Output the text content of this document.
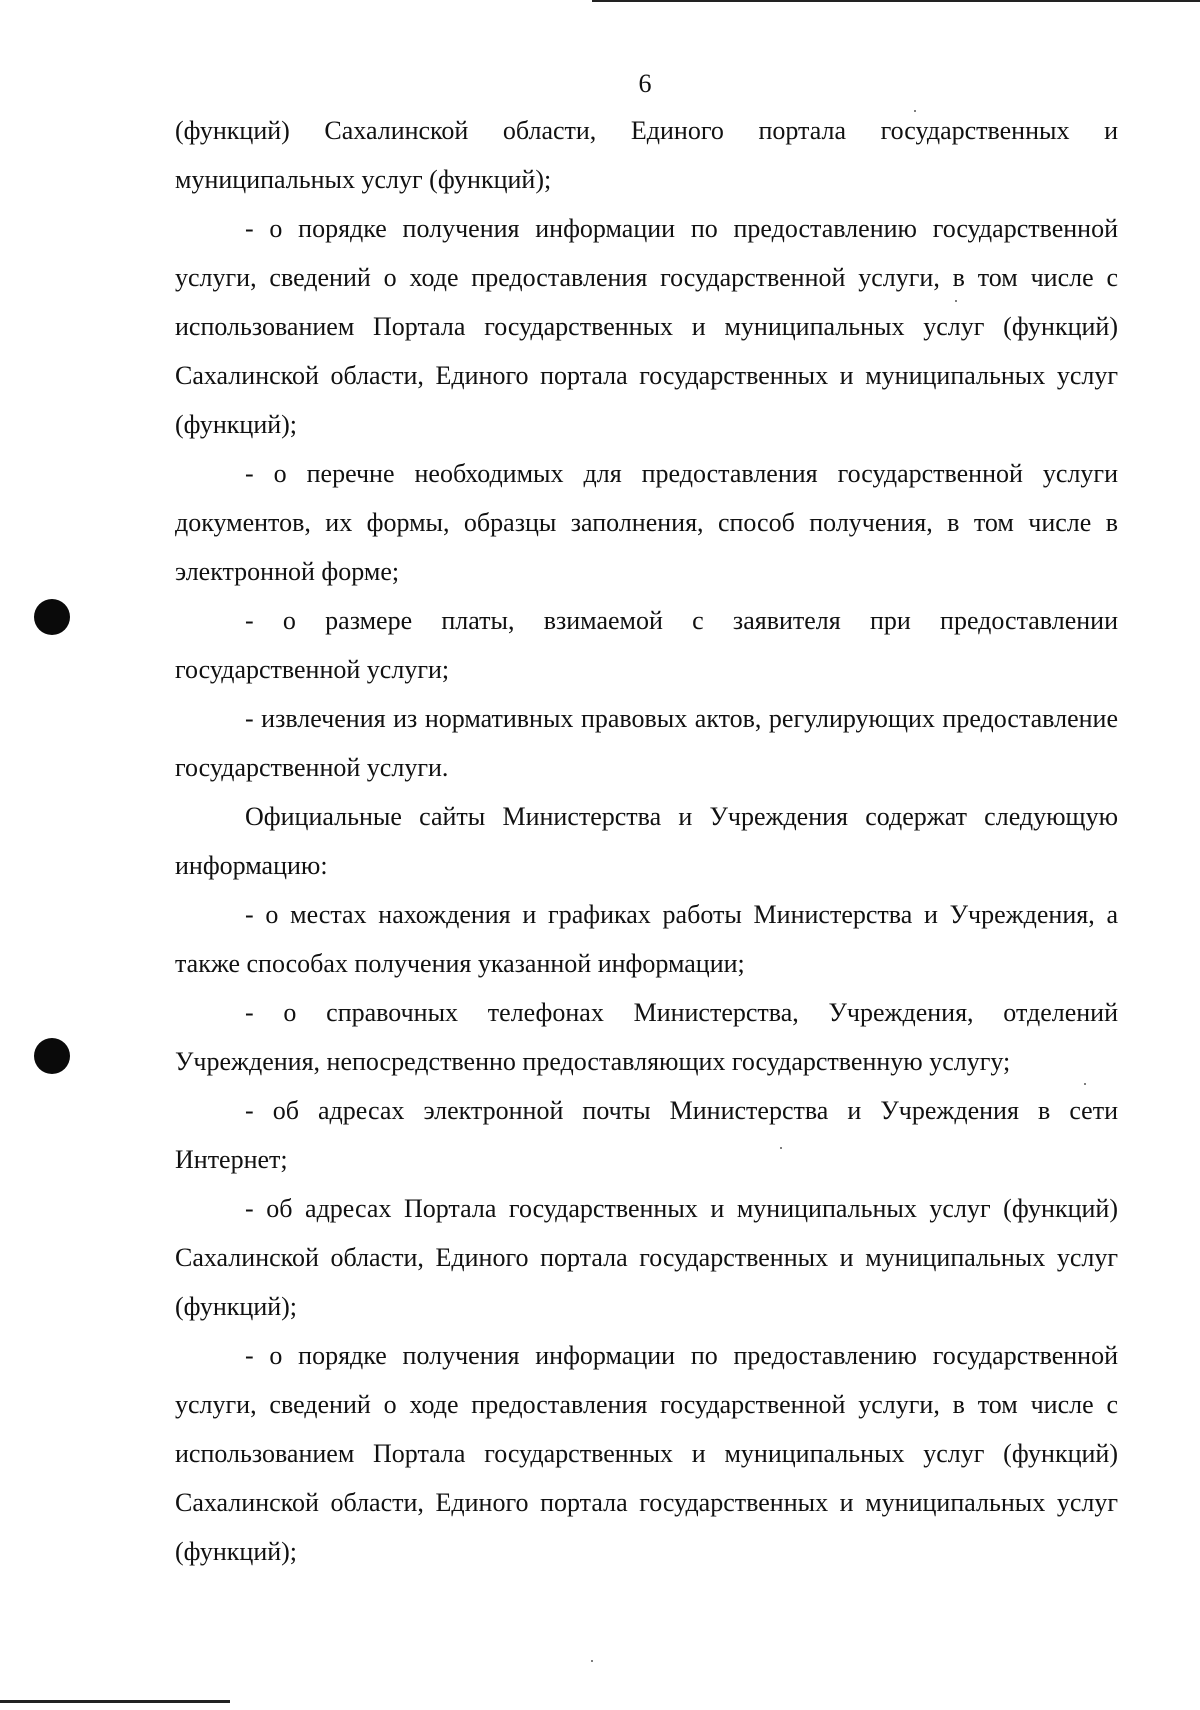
6

(функций) Сахалинской области, Единого портала государственных и муниципальных услуг (функций);

- о порядке получения информации по предоставлению государственной услуги, сведений о ходе предоставления государственной услуги, в том числе с использованием Портала государственных и муниципальных услуг (функций) Сахалинской области, Единого портала государственных и муниципальных услуг (функций);

- о перечне необходимых для предоставления государственной услуги документов, их формы, образцы заполнения, способ получения, в том числе в электронной форме;

- о размере платы, взимаемой с заявителя при предоставлении государственной услуги;

- извлечения из нормативных правовых актов, регулирующих предоставление государственной услуги.

Официальные сайты Министерства и Учреждения содержат следующую информацию:

- о местах нахождения и графиках работы Министерства и Учреждения, а также способах получения указанной информации;

- о справочных телефонах Министерства, Учреждения, отделений Учреждения, непосредственно предоставляющих государственную услугу;

- об адресах электронной почты Министерства и Учреждения в сети Интернет;

- об адресах Портала государственных и муниципальных услуг (функций) Сахалинской области, Единого портала государственных и муниципальных услуг (функций);

- о порядке получения информации по предоставлению государственной услуги, сведений о ходе предоставления государственной услуги, в том числе с использованием Портала государственных и муниципальных услуг (функций) Сахалинской области, Единого портала государственных и муниципальных услуг (функций);
